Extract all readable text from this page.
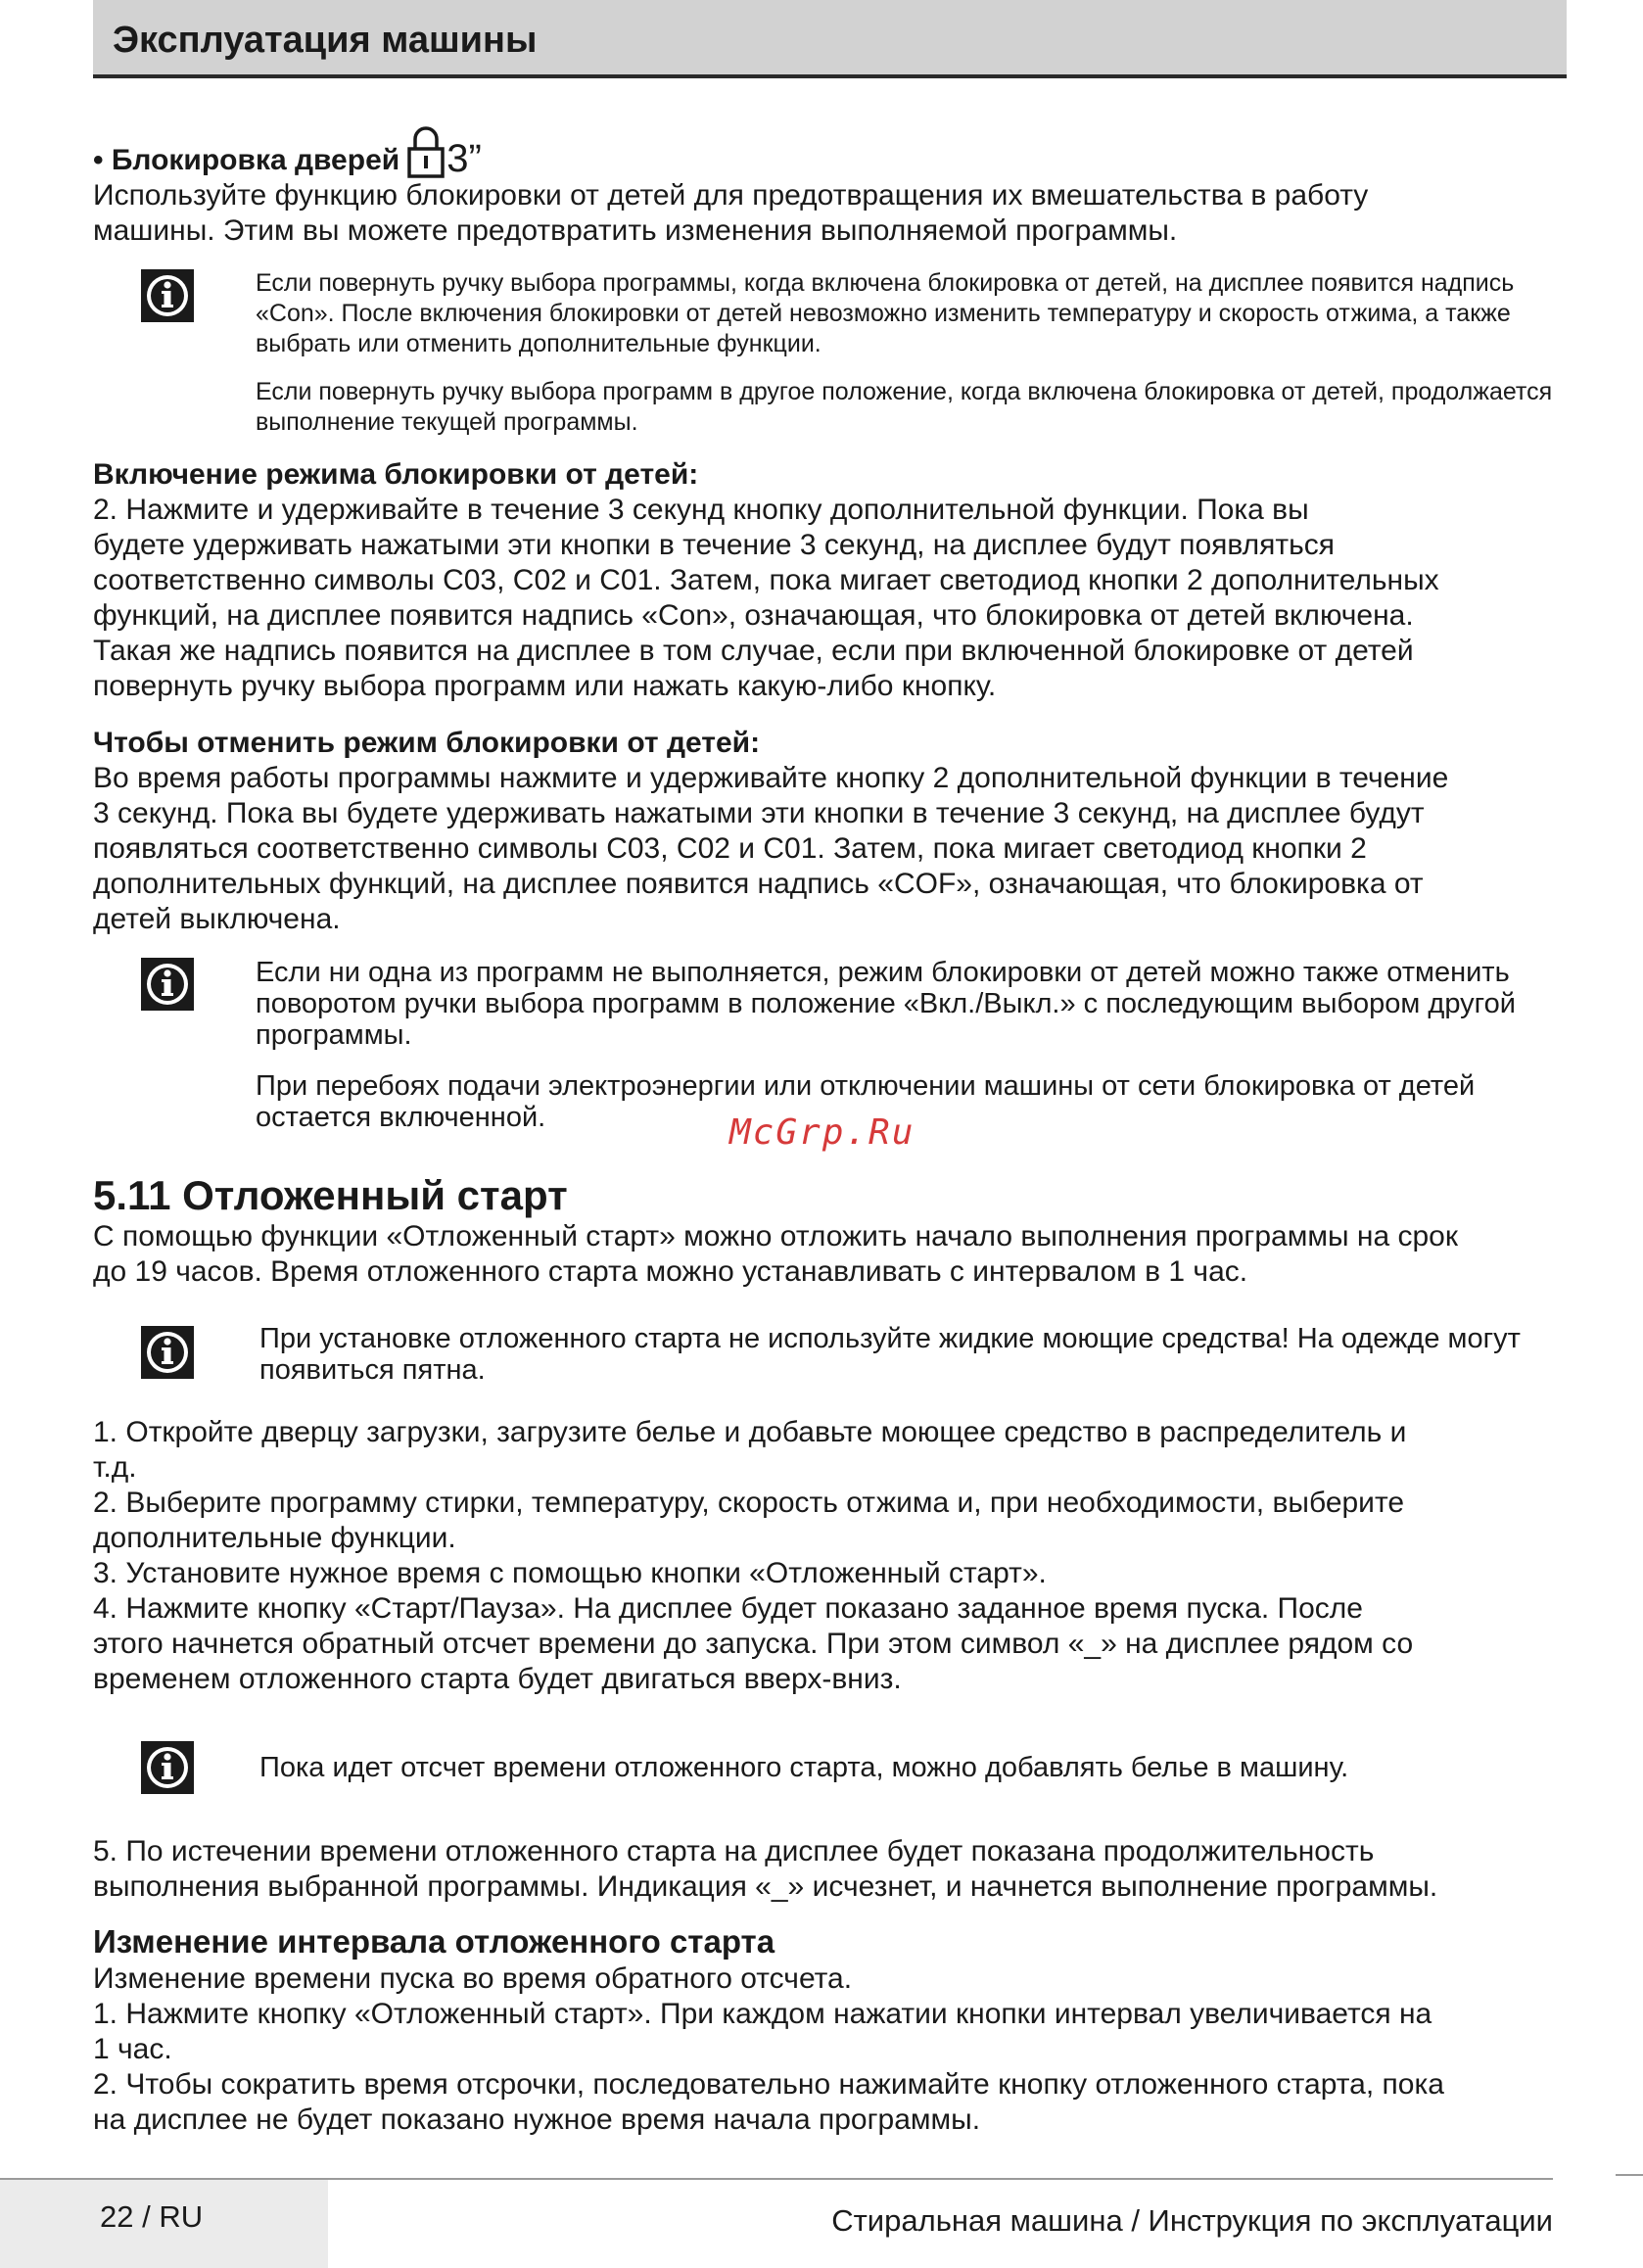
Эксплуатация машины
• Блокировка дверей 3”

Используйте функцию блокировки от детей для предотвращения их вмешательства в работу

машины. Этим вы можете предотвратить изменения выполняемой программы.

Если повернуть ручку выбора программы, когда включена блокировка от детей, на дисплее появится надпись «Con». После включения блокировки от детей невозможно изменить температуру и скорость отжима, а также выбрать или отменить дополнительные функции.

Если повернуть ручку выбора программ в другое положение, когда включена блокировка от детей, продолжается выполнение текущей программы.

Включение режима блокировки от детей:

2. Нажмите и удерживайте в течение 3 секунд кнопку дополнительной функции. Пока вы

будете удерживать нажатыми эти кнопки в течение 3 секунд, на дисплее будут появляться

соответственно символы C03, C02 и C01. Затем, пока мигает светодиод кнопки 2 дополнительных

функций, на дисплее появится надпись «Con», означающая, что блокировка от детей включена.

Такая же надпись появится на дисплее в том случае, если при включенной блокировке от детей

повернуть ручку выбора программ или нажать какую-либо кнопку.

Чтобы отменить режим блокировки от детей:

Во время работы программы нажмите и удерживайте кнопку 2 дополнительной функции в течение

3 секунд. Пока вы будете удерживать нажатыми эти кнопки в течение 3 секунд, на дисплее будут

появляться соответственно символы C03, C02 и C01. Затем, пока мигает светодиод кнопки 2

дополнительных функций, на дисплее появится надпись «COF», означающая, что блокировка от

детей выключена.

Если ни одна из программ не выполняется, режим блокировки от детей можно также отменить поворотом ручки выбора программ в положение «Вкл./Выкл.» с последующим выбором другой программы.

При перебоях подачи электроэнергии или отключении машины от сети блокировка от детей остается включенной.

5.11 Отложенный старт

С помощью функции «Отложенный старт» можно отложить начало выполнения программы на срок

до 19 часов. Время отложенного старта можно устанавливать с интервалом в 1 час.

При установке отложенного старта не используйте жидкие моющие средства! На одежде могут появиться пятна.

1. Откройте дверцу загрузки, загрузите белье и добавьте моющее средство в распределитель и

т.д.

2. Выберите программу стирки, температуру, скорость отжима и, при необходимости, выберите

дополнительные функции.

3. Установите нужное время с помощью кнопки «Отложенный старт».

4. Нажмите кнопку «Старт/Пауза». На дисплее будет показано заданное время пуска. После

этого начнется обратный отсчет времени до запуска. При этом символ «_» на дисплее рядом со

временем отложенного старта будет двигаться вверх-вниз.

Пока идет отсчет времени отложенного старта, можно добавлять белье в машину.

5. По истечении времени отложенного старта на дисплее будет показана продолжительность

выполнения выбранной программы. Индикация «_» исчезнет, и начнется выполнение программы.

Изменение интервала отложенного старта

Изменение времени пуска во время обратного отсчета.

1. Нажмите кнопку «Отложенный старт». При каждом нажатии кнопки интервал увеличивается на

1 час.

2. Чтобы сократить время отсрочки, последовательно нажимайте кнопку отложенного старта, пока

на дисплее не будет показано нужное время начала программы.

McGrp.Ru
22 / RU	Стиральная машина / Инструкция по эксплуатации
